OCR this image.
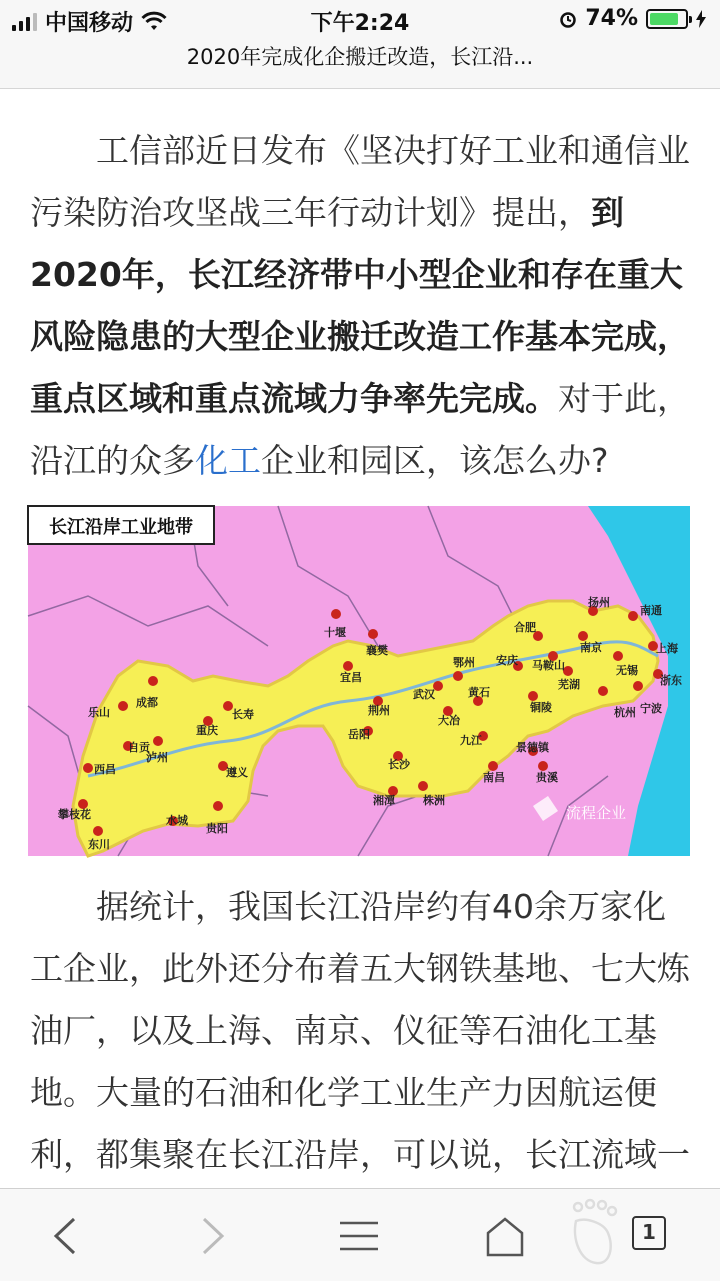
中国移动	下午2:24	74%
2020年完成化企搬迁改造，长江沿...

工信部近日发布《坚决打好工业和通信业污染防治攻坚战三年行动计划》提出，到2020年，长江经济带中小型企业和存在重大风险隐患的大型企业搬迁改造工作基本完成，重点区域和重点流域力争率先完成。对于此，沿江的众多化工企业和园区，该怎么办?

长江沿岸工业地带
十堰
襄樊
成都
乐山
自贡
泸州
西昌
攀枝花
东川
重庆
长寿
遵义
贵阳
水城
宜昌
荆州
岳阳
长沙
湘潭	株洲
武汉
鄂州
黄石
大冶
九江
南昌
景德镇
贵溪
安庆
铜陵
合肥
马鞍山
芜湖
南京
扬州
南通
无锡
上海
杭州 宁波
浙东
流程企业

据统计，我国长江沿岸约有40余万家化工企业，此外还分布着五大钢铁基地、七大炼油厂，以及上海、南京、仪征等石油化工基地。大量的石油和化学工业生产力因航运便利，都集聚在长江沿岸，可以说，长江流域一

1
